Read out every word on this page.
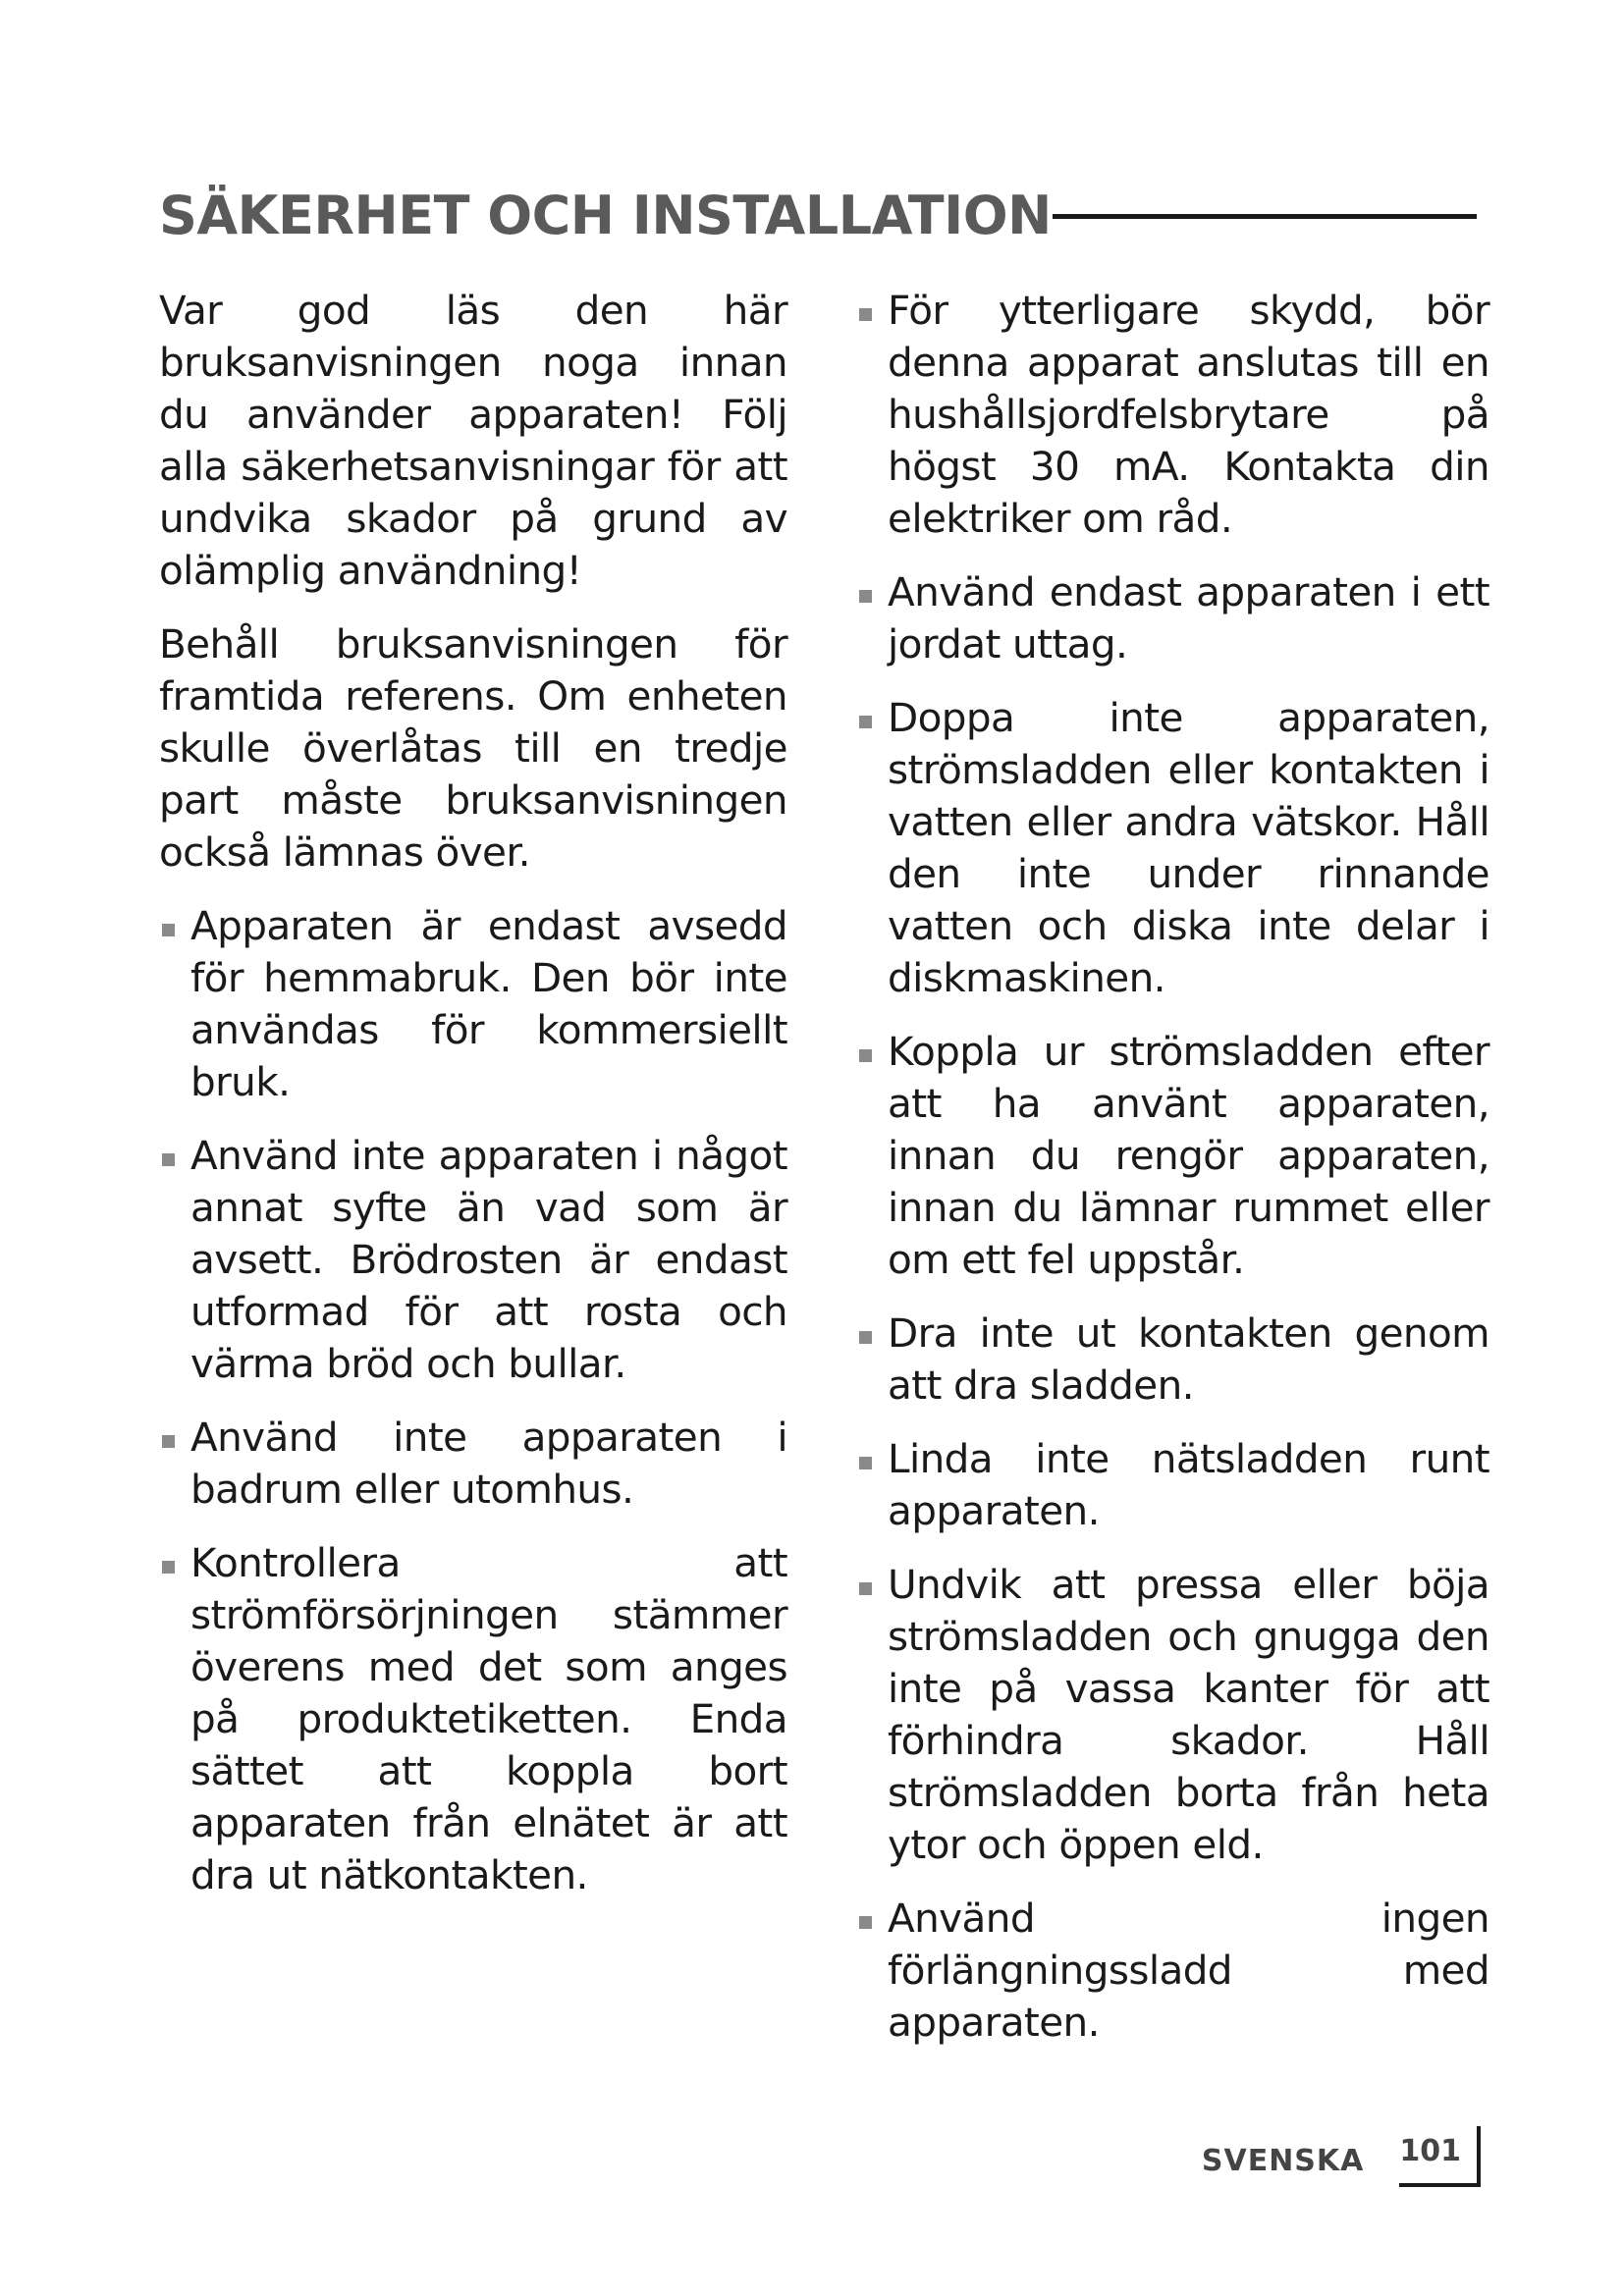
SÄKERHET OCH INSTALLATION

Var god läs den här bruksanvisningen noga innan du använder apparaten! Följ alla säkerhetsanvisningar för att undvika skador på grund av olämplig användning!

Behåll bruksanvisningen för framtida referens. Om enheten skulle överlåtas till en tredje part måste bruksanvisningen också lämnas över.

Apparaten är endast avsedd för hemmabruk. Den bör inte användas för kommersiellt bruk.
Använd inte apparaten i något annat syfte än vad som är avsett. Brödrosten är endast utformad för att rosta och värma bröd och bullar.
Använd inte apparaten i badrum eller utomhus.
Kontrollera att strömförsörjningen stämmer överens med det som anges på produktetiketten. Enda sättet att koppla bort apparaten från elnätet är att dra ut nätkontakten.
För ytterligare skydd, bör denna apparat anslutas till en hushållsjordfelsbrytare på högst 30 mA. Kontakta din elektriker om råd.
Använd endast apparaten i ett jordat uttag.
Doppa inte apparaten, strömsladden eller kontakten i vatten eller andra vätskor. Håll den inte under rinnande vatten och diska inte delar i diskmaskinen.
Koppla ur strömsladden efter att ha använt apparaten, innan du rengör apparaten, innan du lämnar rummet eller om ett fel uppstår.
Dra inte ut kontakten genom att dra sladden.
Linda inte nätsladden runt apparaten.
Undvik att pressa eller böja strömsladden och gnugga den inte på vassa kanter för att förhindra skador. Håll strömsladden borta från heta ytor och öppen eld.
Använd ingen förlängningssladd med apparaten.
SVENSKA 101
